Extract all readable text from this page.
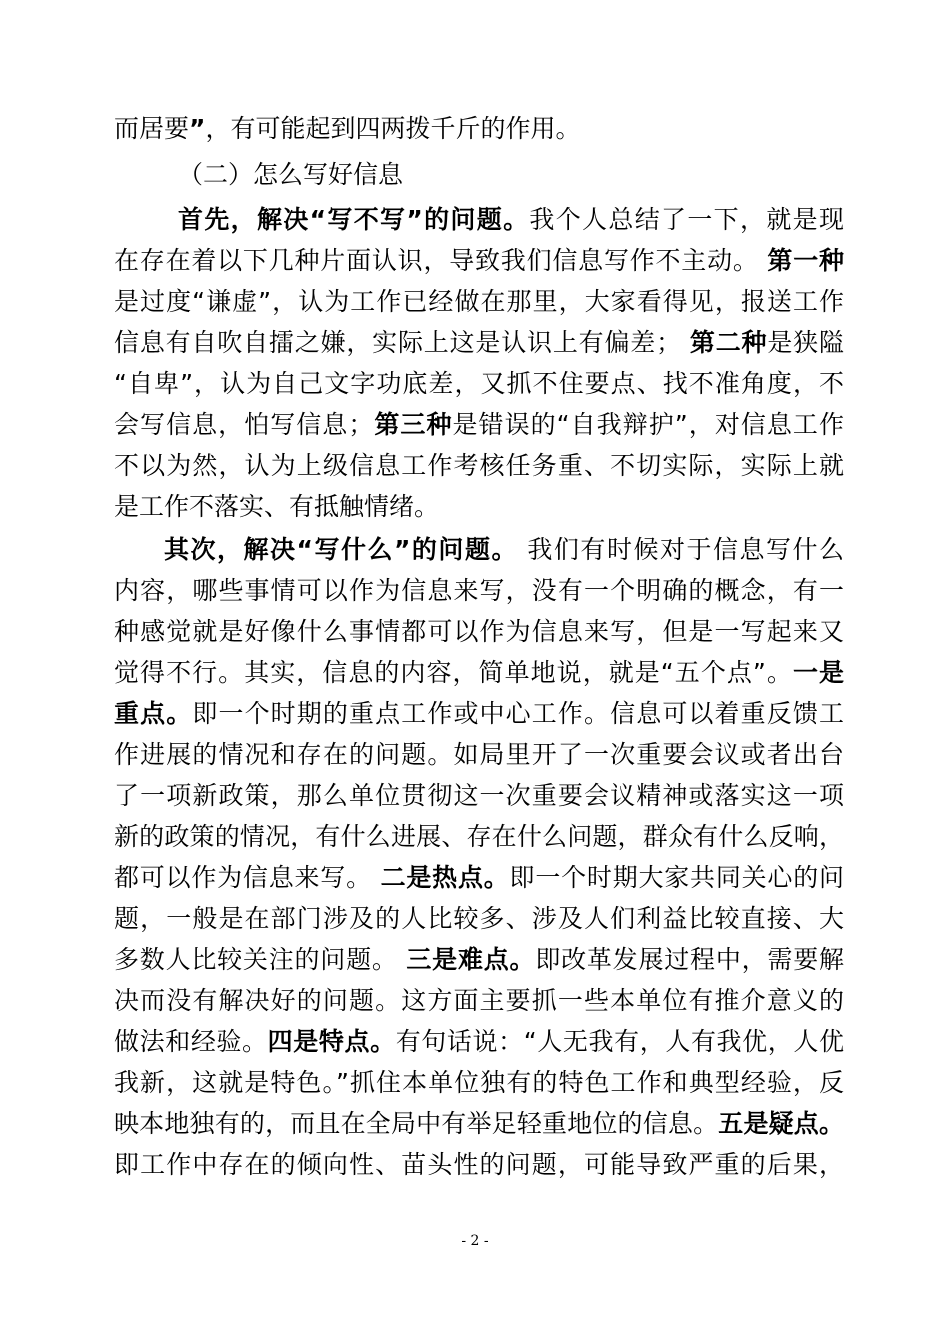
而居要”，有可能起到四两拨千斤的作用。
（二）怎么写好信息
首先，解决“写不写”的问题。我个人总结了一下，就是现
在存在着以下几种片面认识，导致我们信息写作不主动。 第一种
是过度“谦虚”，认为工作已经做在那里，大家看得见，报送工作
信息有自吹自擂之嫌，实际上这是认识上有偏差； 第二种是狭隘
“自卑”，认为自己文字功底差，又抓不住要点、找不准角度，不
会写信息，怕写信息；第三种是错误的“自我辩护”，对信息工作
不以为然，认为上级信息工作考核任务重、不切实际，实际上就
是工作不落实、有抵触情绪。
其次，解决“写什么”的问题。 我们有时候对于信息写什么
内容，哪些事情可以作为信息来写，没有一个明确的概念，有一
种感觉就是好像什么事情都可以作为信息来写，但是一写起来又
觉得不行。其实，信息的内容，简单地说，就是“五个点”。一是
重点。即一个时期的重点工作或中心工作。信息可以着重反馈工
作进展的情况和存在的问题。如局里开了一次重要会议或者出台
了一项新政策，那么单位贯彻这一次重要会议精神或落实这一项
新的政策的情况，有什么进展、存在什么问题，群众有什么反响，
都可以作为信息来写。 二是热点。即一个时期大家共同关心的问
题，一般是在部门涉及的人比较多、涉及人们利益比较直接、大
多数人比较关注的问题。 三是难点。即改革发展过程中，需要解
决而没有解决好的问题。这方面主要抓一些本单位有推介意义的
做法和经验。四是特点。有句话说：“人无我有，人有我优，人优
我新，这就是特色。”抓住本单位独有的特色工作和典型经验，反
映本地独有的，而且在全局中有举足轻重地位的信息。五是疑点。
即工作中存在的倾向性、苗头性的问题，可能导致严重的后果，
- 2 -
